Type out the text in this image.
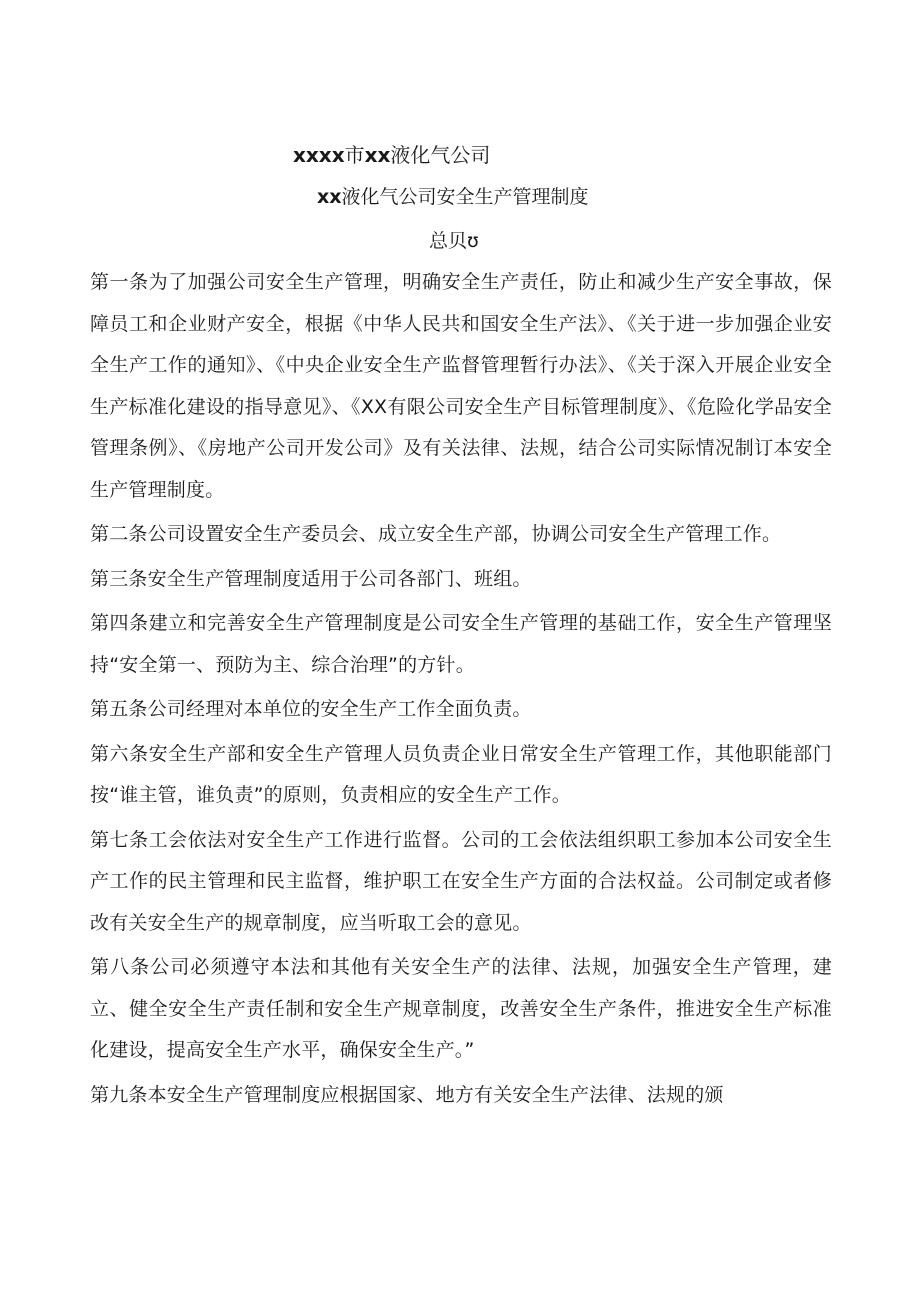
xxxx市xx液化气公司
xx液化气公司安全生产管理制度
总贝ʊ

第一条为了加强公司安全生产管理，明确安全生产责任，防止和减少生产安全事故，保障员工和企业财产安全，根据《中华人民共和国安全生产法》、《关于进一步加强企业安全生产工作的通知》、《中央企业安全生产监督管理暂行办法》、《关于深入开展企业安全生产标准化建设的指导意见》、《XX有限公司安全生产目标管理制度》、《危险化学品安全管理条例》、《房地产公司开发公司》及有关法律、法规，结合公司实际情况制订本安全生产管理制度。

第二条公司设置安全生产委员会、成立安全生产部，协调公司安全生产管理工作。

第三条安全生产管理制度适用于公司各部门、班组。

第四条建立和完善安全生产管理制度是公司安全生产管理的基础工作，安全生产管理坚持“安全第一、预防为主、综合治理”的方针。

第五条公司经理对本单位的安全生产工作全面负责。

第六条安全生产部和安全生产管理人员负责企业日常安全生产管理工作，其他职能部门按“谁主管，谁负责”的原则，负责相应的安全生产工作。

第七条工会依法对安全生产工作进行监督。公司的工会依法组织职工参加本公司安全生产工作的民主管理和民主监督，维护职工在安全生产方面的合法权益。公司制定或者修改有关安全生产的规章制度，应当听取工会的意见。

第八条公司必须遵守本法和其他有关安全生产的法律、法规，加强安全生产管理，建立、健全安全生产责任制和安全生产规章制度，改善安全生产条件，推进安全生产标准化建设，提高安全生产水平，确保安全生产。”

第九条本安全生产管理制度应根据国家、地方有关安全生产法律、法规的颁
